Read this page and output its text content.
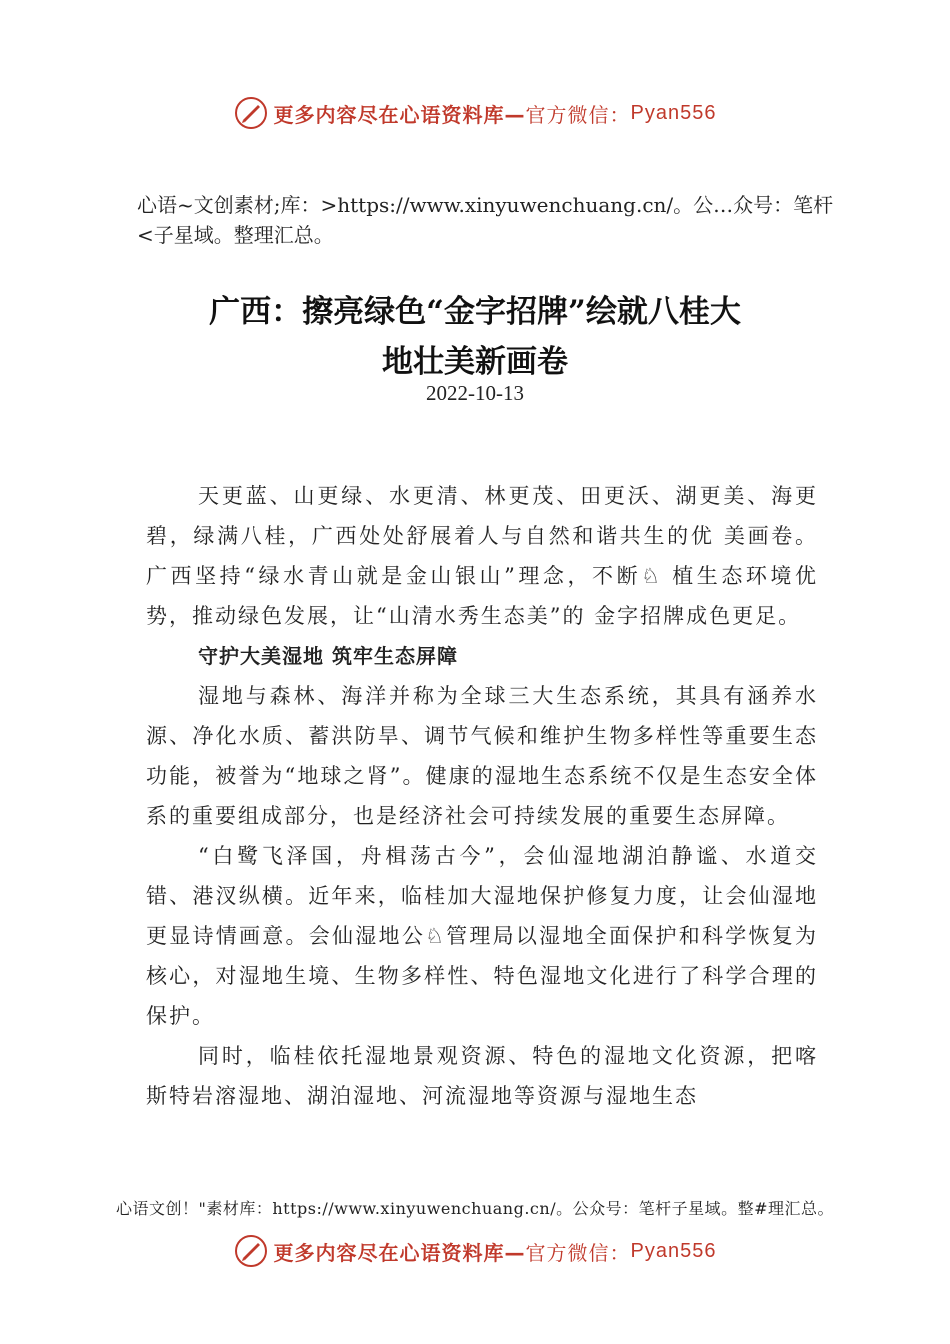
更多内容尽在心语资料库— 官方微信： Pyan556
心语~文创素材;库：>https://www.xinyuwenchuang.cn/。公…众号：笔杆<子星域。整理汇总。
广西：擦亮绿色“金字招牌”绘就八桂大
地壮美新画卷
2022-10-13

天更蓝、山更绿、水更清、林更茂、田更沃、湖更美、海更碧，绿满八桂，广西处处舒展着人与自然和谐共生的优 美画卷。广西坚持“绿水青山就是金山银山”理念，不断♘ 植生态环境优势，推动绿色发展，让“山清水秀生态美”的 金字招牌成色更足。

守护大美湿地 筑牢生态屏障

湿地与森林、海洋并称为全球三大生态系统，其具有涵养水源、净化水质、蓄洪防旱、调节气候和维护生物多样性等重要生态功能，被誉为“地球之肾”。健康的湿地生态系统不仅是生态安全体系的重要组成部分，也是经济社会可持续发展的重要生态屏障。

“白鹭飞泽国，舟楫荡古今”，会仙湿地湖泊静谧、水道交错、港汊纵横。近年来，临桂加大湿地保护修复力度，让会仙湿地更显诗情画意。会仙湿地公♘管理局以湿地全面保护和科学恢复为核心，对湿地生境、生物多样性、特色湿地文化进行了科学合理的保护。

同时，临桂依托湿地景观资源、特色的湿地文化资源，把喀斯特岩溶湿地、湖泊湿地、河流湿地等资源与湿地生态

心语文创！"素材库：https://www.xinyuwenchuang.cn/。公众号：笔杆子星域。整#理汇总。
更多内容尽在心语资料库— 官方微信： Pyan556
